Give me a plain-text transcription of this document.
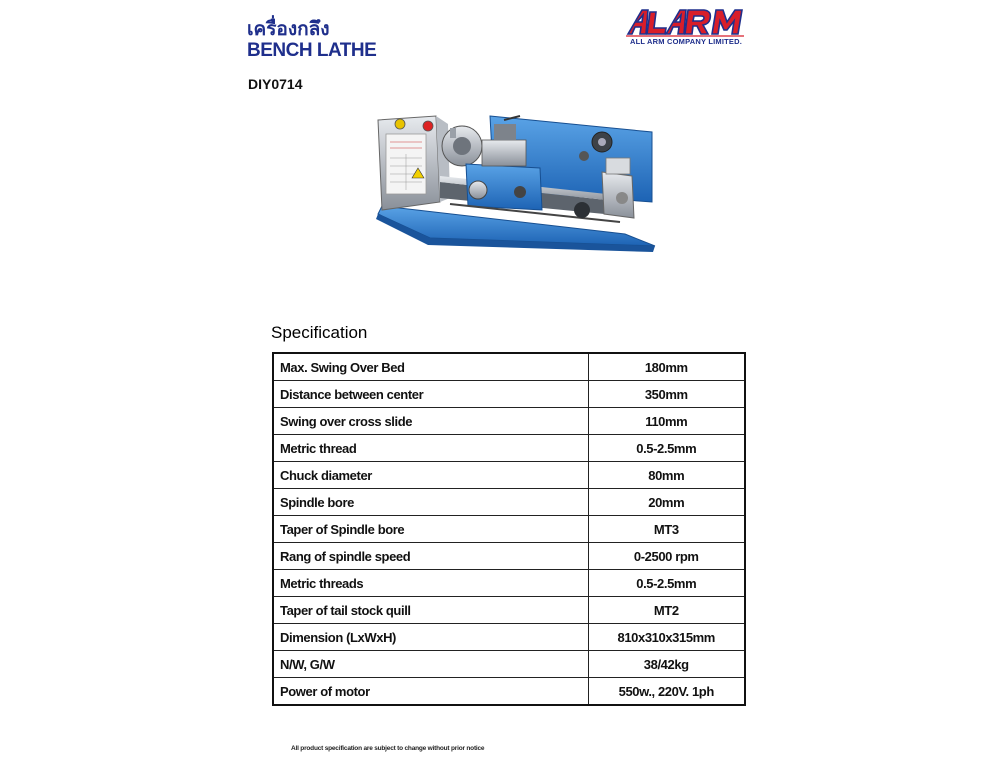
เครื่องกลึง
BENCH LATHE
DIY0714
ALL ARM COMPANY LIMITED.
Specification
Max. Swing Over Bed	180mm
Distance between center	350mm
Swing over cross slide	110mm
Metric thread	0.5-2.5mm
Chuck diameter	80mm
Spindle bore	20mm
Taper of Spindle bore	MT3
Rang of spindle speed	0-2500 rpm
Metric threads	0.5-2.5mm
Taper of tail stock quill	MT2
Dimension (LxWxH)	810x310x315mm
N/W, G/W	38/42kg
Power of motor	550w., 220V. 1ph
All product specification are subject to change without prior notice
